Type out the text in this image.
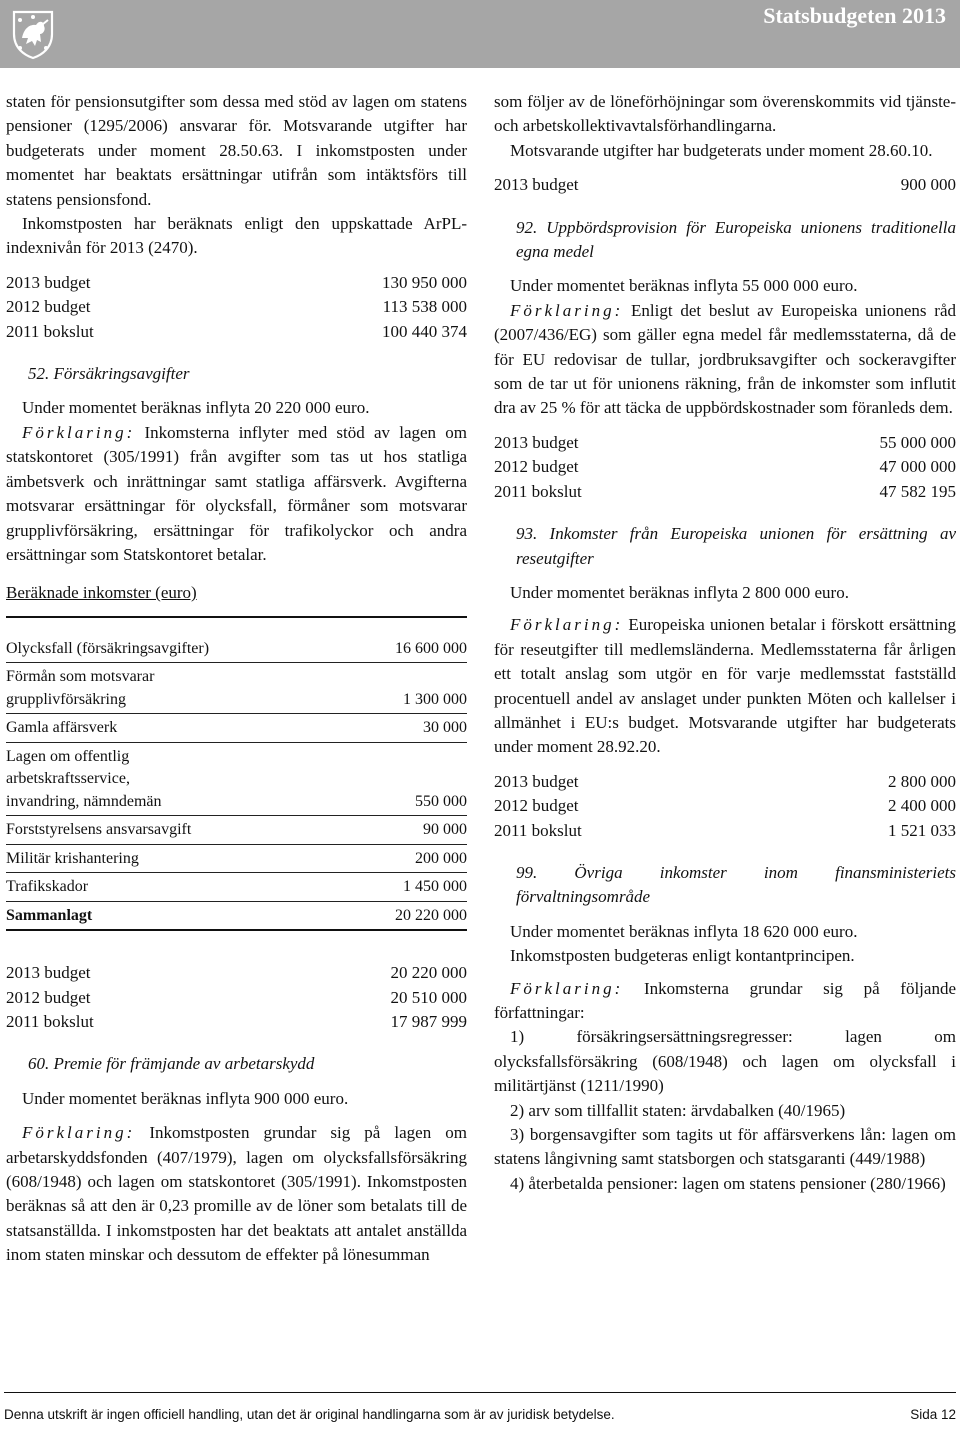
Statsbudgeten 2013

staten för pensionsutgifter som dessa med stöd av lagen om statens pensioner (1295/2006) ansvarar för. Motsvarande utgifter har budgeterats under moment 28.50.63. I inkomstposten under momentet har beaktats ersättningar utifrån som intäktsförs till statens pensionsfond.

Inkomstposten har beräknats enligt den uppskattade ArPL-indexnivån för 2013 (2470).

2013 budget	130 950 000
2012 budget	113 538 000
2011 bokslut	100 440 374

52. Försäkringsavgifter

Under momentet beräknas inflyta 20 220 000 euro.

Förklaring: Inkomsterna inflyter med stöd av lagen om statskontoret (305/1991) från avgifter som tas ut hos statliga ämbetsverk och inrättningar samt statliga affärsverk. Avgifterna motsvarar ersättningar för olycksfall, förmåner som motsvarar grupplivförsäkring, ersättningar för trafikolyckor och andra ersättningar som Statskontoret betalar.

Beräknade inkomster (euro)

Olycksfall (försäkringsavgifter)	16 600 000
Förmån som motsvarar grupplivförsäkring	1 300 000
Gamla affärsverk	30 000
Lagen om offentlig arbetskraftsservice, invandring, nämndemän	550 000
Forststyrelsens ansvarsavgift	90 000
Militär krishantering	200 000
Trafikskador	1 450 000
Sammanlagt	20 220 000
2013 budget	20 220 000
2012 budget	20 510 000
2011 bokslut	17 987 999

60. Premie för främjande av arbetarskydd

Under momentet beräknas inflyta 900 000 euro.

Förklaring: Inkomstposten grundar sig på lagen om arbetarskyddsfonden (407/1979), lagen om olycksfallsförsäkring (608/1948) och lagen om statskontoret (305/1991). Inkomstposten beräknas så att den är 0,23 promille av de löner som betalats till de statsanställda. I inkomstposten har det beaktats att antalet anställda inom staten minskar och dessutom de effekter på lönesumman

som följer av de löneförhöjningar som överenskommits vid tjänste- och arbetskollektivavtalsförhandlingarna.

Motsvarande utgifter har budgeterats under moment 28.60.10.

2013 budget	900 000

92. Uppbördsprovision för Europeiska unionens traditionella egna medel

Under momentet beräknas inflyta 55 000 000 euro.

Förklaring: Enligt det beslut av Europeiska unionens råd (2007/436/EG) som gäller egna medel får medlemsstaterna, då de för EU redovisar de tullar, jordbruksavgifter och sockeravgifter som de tar ut för unionens räkning, från de inkomster som influtit dra av 25 % för att täcka de uppbördskostnader som föranleds dem.

2013 budget	55 000 000
2012 budget	47 000 000
2011 bokslut	47 582 195

93. Inkomster från Europeiska unionen för ersättning av reseutgifter

Under momentet beräknas inflyta 2 800 000 euro.

Förklaring: Europeiska unionen betalar i förskott ersättning för reseutgifter till medlemsländerna. Medlemsstaterna får årligen ett totalt anslag som utgör en för varje medlemsstat fastställd procentuell andel av anslaget under punkten Möten och kallelser i allmänhet i EU:s budget. Motsvarande utgifter har budgeterats under moment 28.92.20.

2013 budget	2 800 000
2012 budget	2 400 000
2011 bokslut	1 521 033

99. Övriga inkomster inom finansministeriets förvaltningsområde

Under momentet beräknas inflyta 18 620 000 euro.

Inkomstposten budgeteras enligt kontantprincipen.

Förklaring: Inkomsterna grundar sig på följande författningar:

1) försäkringsersättningsregresser: lagen om olycksfallsförsäkring (608/1948) och lagen om olycksfall i militärtjänst (1211/1990)

2) arv som tillfallit staten: ärvdabalken (40/1965)

3) borgensavgifter som tagits ut för affärsverkens lån: lagen om statens långivning samt statsborgen och statsgaranti (449/1988)

4) återbetalda pensioner: lagen om statens pensioner (280/1966)

Denna utskrift är ingen officiell handling, utan det är original handlingarna som är av juridisk betydelse.	Sida 12
